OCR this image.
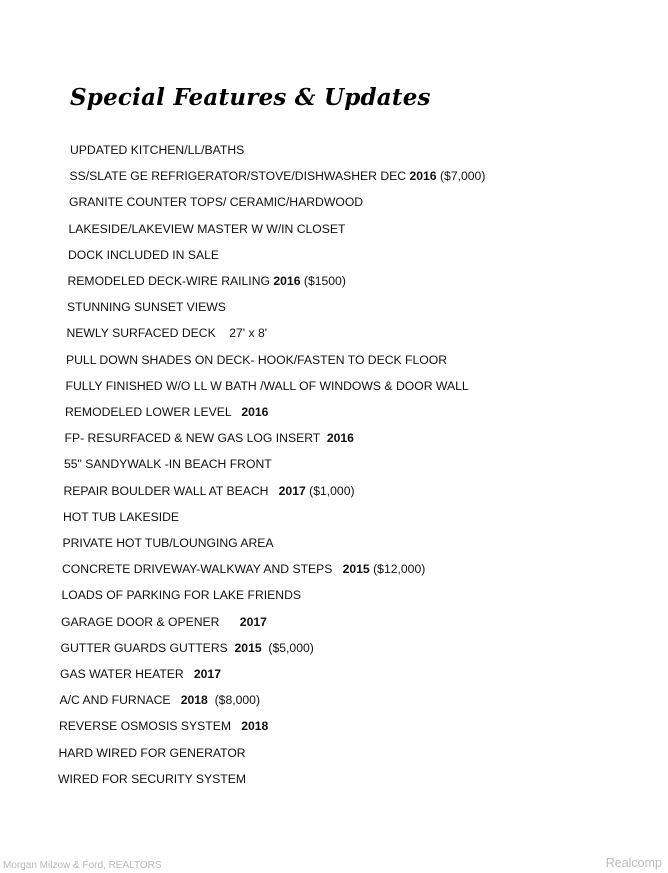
Special Features & Updates
UPDATED KITCHEN/LL/BATHS
SS/SLATE GE REFRIGERATOR/STOVE/DISHWASHER DEC 2016 ($7,000)
GRANITE COUNTER TOPS/ CERAMIC/HARDWOOD
LAKESIDE/LAKEVIEW MASTER W W/IN CLOSET
DOCK INCLUDED IN SALE
REMODELED DECK-WIRE RAILING 2016 ($1500)
STUNNING SUNSET VIEWS
NEWLY SURFACED DECK    27' x 8'
PULL DOWN SHADES ON DECK- HOOK/FASTEN TO DECK FLOOR
FULLY FINISHED W/O LL W BATH /WALL OF WINDOWS & DOOR WALL
REMODELED LOWER LEVEL   2016
FP- RESURFACED & NEW GAS LOG INSERT  2016
55" SANDYWALK -IN BEACH FRONT
REPAIR BOULDER WALL AT BEACH   2017 ($1,000)
HOT TUB LAKESIDE
PRIVATE HOT TUB/LOUNGING AREA
CONCRETE DRIVEWAY-WALKWAY AND STEPS   2015 ($12,000)
LOADS OF PARKING FOR LAKE FRIENDS
GARAGE DOOR & OPENER      2017
GUTTER GUARDS GUTTERS  2015  ($5,000)
GAS WATER HEATER   2017
A/C AND FURNACE   2018  ($8,000)
REVERSE OSMOSIS SYSTEM   2018
HARD WIRED FOR GENERATOR
WIRED FOR SECURITY SYSTEM
Morgan Milzow & Ford, REALTORS	Realcomp
